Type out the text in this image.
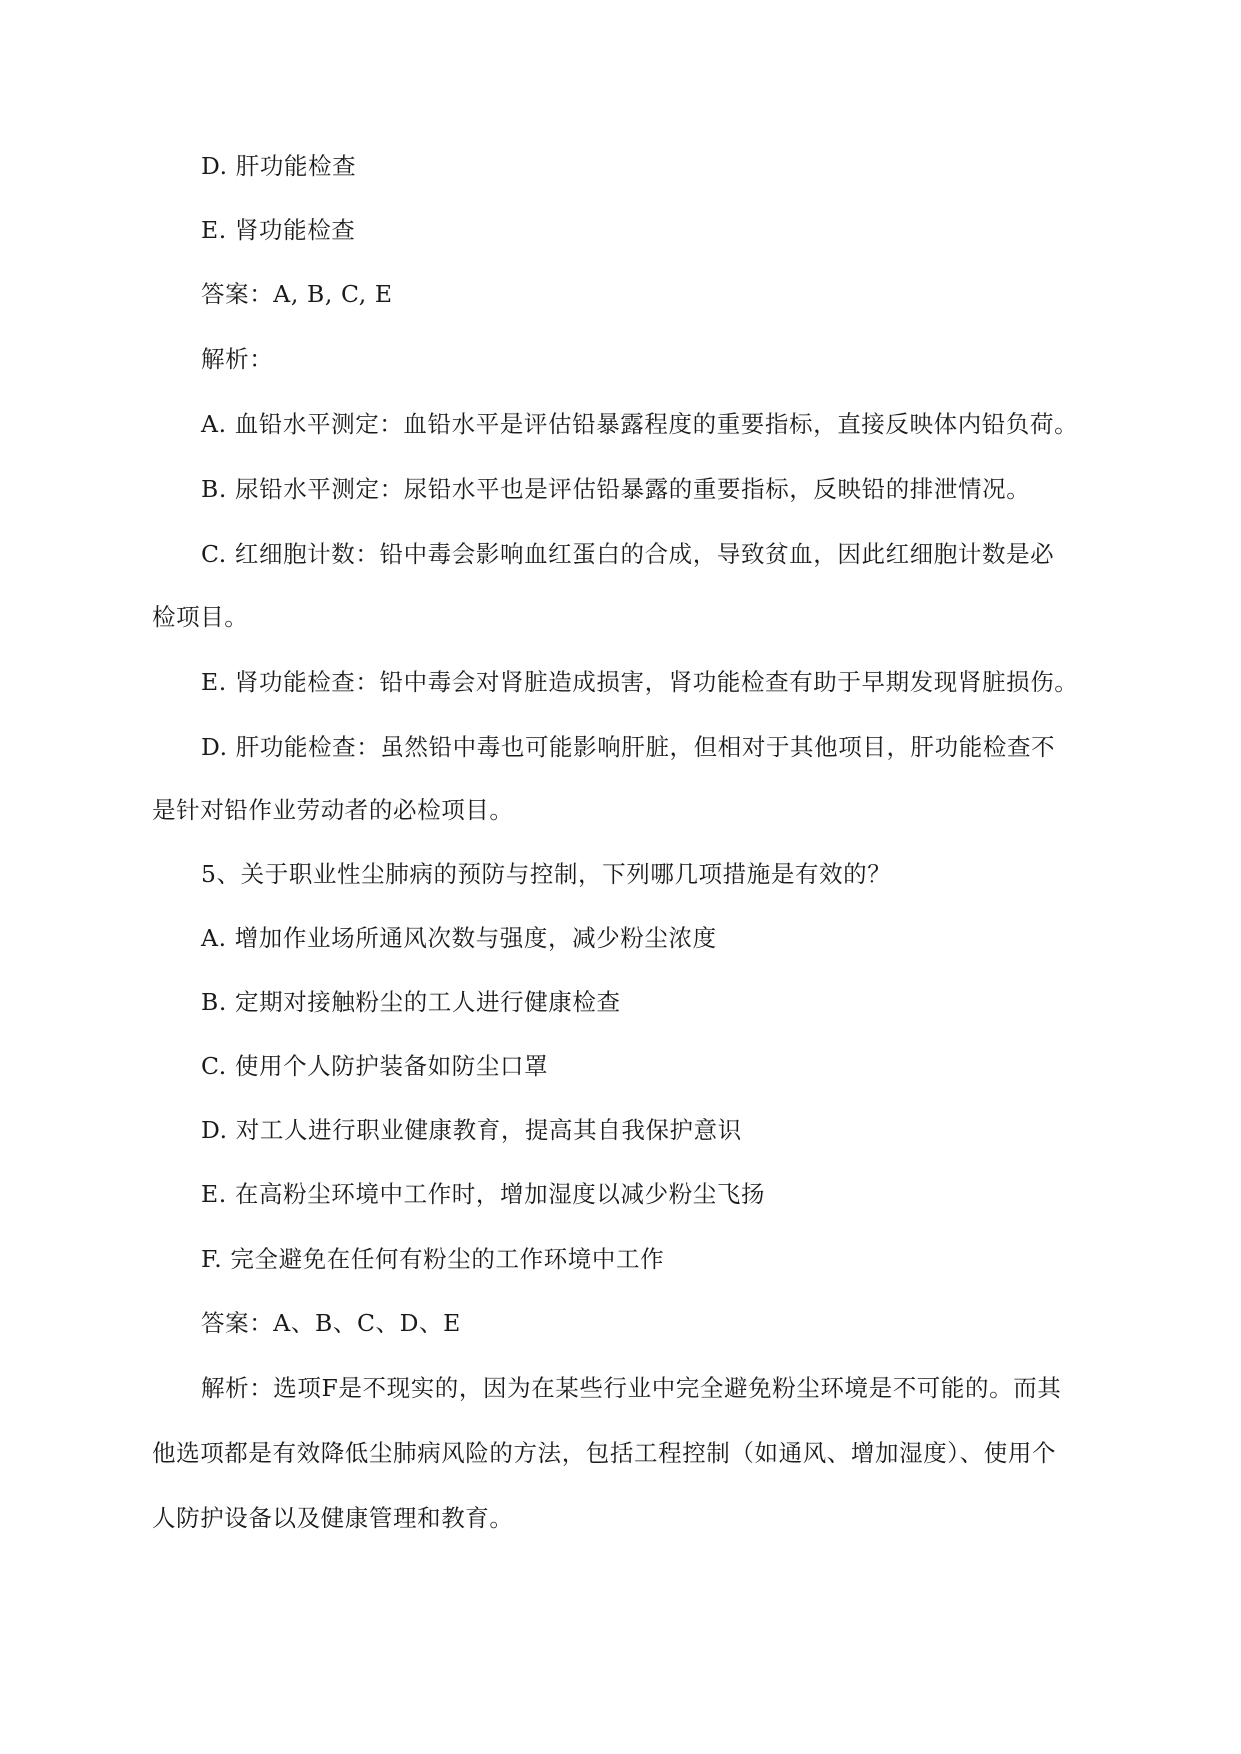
D. 肝功能检查
E. 肾功能检查
答案：A, B, C, E
解析：
A. 血铅水平测定：血铅水平是评估铅暴露程度的重要指标，直接反映体内铅负荷。
B. 尿铅水平测定：尿铅水平也是评估铅暴露的重要指标，反映铅的排泄情况。
C. 红细胞计数：铅中毒会影响血红蛋白的合成，导致贫血，因此红细胞计数是必
检项目。
E. 肾功能检查：铅中毒会对肾脏造成损害，肾功能检查有助于早期发现肾脏损伤。
D. 肝功能检查：虽然铅中毒也可能影响肝脏，但相对于其他项目，肝功能检查不
是针对铅作业劳动者的必检项目。
5、关于职业性尘肺病的预防与控制，下列哪几项措施是有效的？
A. 增加作业场所通风次数与强度，减少粉尘浓度
B. 定期对接触粉尘的工人进行健康检查
C. 使用个人防护装备如防尘口罩
D. 对工人进行职业健康教育，提高其自我保护意识
E. 在高粉尘环境中工作时，增加湿度以减少粉尘飞扬
F. 完全避免在任何有粉尘的工作环境中工作
答案：A、B、C、D、E
解析：选项F是不现实的，因为在某些行业中完全避免粉尘环境是不可能的。而其
他选项都是有效降低尘肺病风险的方法，包括工程控制（如通风、增加湿度）、使用个
人防护设备以及健康管理和教育。
